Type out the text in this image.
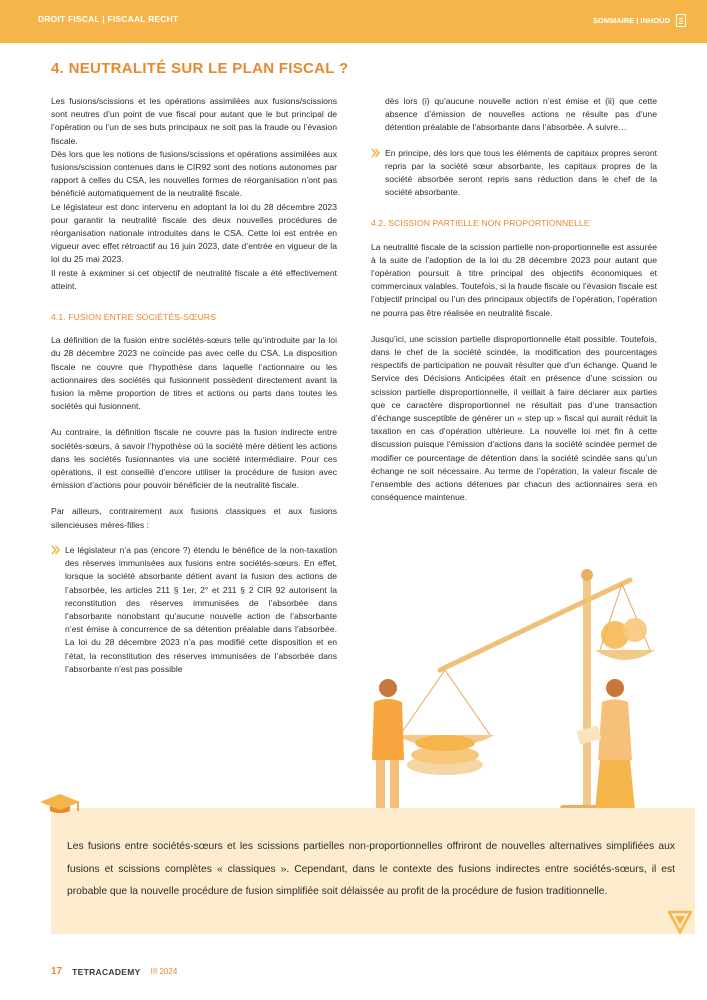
DROIT FISCAL | FISCAAL RECHT	SOMMAIRE | INHOUD
4. NEUTRALITÉ SUR LE PLAN FISCAL ?

Les fusions/scissions et les opérations assimilées aux fusions/scissions sont neutres d’un point de vue fiscal pour autant que le but principal de l’opération ou l’un de ses buts principaux ne soit pas la fraude ou l’évasion fiscale.

Dès lors que les notions de fusions/scissions et opérations assimilées aux fusions/scission contenues dans le CIR92 sont des notions autonomes par rapport à celles du CSA, les nouvelles formes de réorganisation n’ont pas bénéficié automatiquement de la neutralité fiscale.

Le législateur est donc intervenu en adoptant la loi du 28 décembre 2023 pour garantir la neutralité fiscale des deux nouvelles procédures de réorganisation nationale introduites dans le CSA. Cette loi est entrée en vigueur avec effet rétroactif au 16 juin 2023, date d’entrée en vigueur de la loi du 25 mai 2023.

Il reste à examiner si cet objectif de neutralité fiscale a été effectivement atteint.

4.1. FUSION ENTRE SOCIÉTÉS-SŒURS

La définition de la fusion entre sociétés-sœurs telle qu’introduite par la loi du 28 décembre 2023 ne coïncide pas avec celle du CSA. La disposition fiscale ne couvre que l’hypothèse dans laquelle l’actionnaire ou les actionnaires des sociétés qui fusionnent possèdent directement avant la fusion la même proportion de titres et actions ou parts dans toutes les sociétés qui fusionnent.

Au contraire, la définition fiscale ne couvre pas la fusion indirecte entre sociétés-sœurs, à savoir l’hypothèse où la société mère détient les actions dans les sociétés fusionnantes via une société intermédiaire. Pour ces opérations, il est conseillé d’encore utiliser la procédure de fusion avec émission d’actions pour pouvoir bénéficier de la neutralité fiscale.

Par ailleurs, contrairement aux fusions classiques et aux fusions silencieuses mères-filles :

Le législateur n’a pas (encore ?) étendu le bénéfice de la non-taxation des réserves immunisées aux fusions entre sociétés-sœurs. En effet, lorsque la société absorbante détient avant la fusion des actions de l’absorbée, les articles 211 § 1er, 2° et 211 § 2 CIR 92 autorisent la reconstitution des réserves immunisées de l’absorbée dans l’absorbante nonobstant qu’aucune nouvelle action de l’absorbante n’est émise à concurrence de sa détention préalable dans l’absorbée. La loi du 28 décembre 2023 n’a pas modifié cette disposition et en l’état, la reconstitution des réserves immunisées de l’absorbée dans l’absorbante n’est pas possible

dès lors (i) qu’aucune nouvelle action n’est émise et (ii) que cette absence d’émission de nouvelles actions ne résulte pas d’une détention préalable de l’absorbante dans l’absorbée. À suivre…

En principe, dès lors que tous les éléments de capitaux propres seront repris par la société sœur absorbante, les capitaux propres de la société absorbée seront repris sans réduction dans le chef de la société absorbante.
4.2. SCISSION PARTIELLE NON PROPORTIONNELLE

La neutralité fiscale de la scission partielle non-proportionnelle est assurée à la suite de l’adoption de la loi du 28 décembre 2023 pour autant que l’opération poursuit à titre principal des objectifs économiques et commerciaux valables. Toutefois, si la fraude fiscale ou l’évasion fiscale est l’objectif principal ou l’un des principaux objectifs de l’opération, l’opération ne pourra pas être réalisée en neutralité fiscale.

Jusqu’ici, une scission partielle disproportionnelle était possible. Toutefois, dans le chef de la société scindée, la modification des pourcentages respectifs de participation ne pouvait résulter que d’un échange. Quand le Service des Décisions Anticipées était en présence d’une scission ou scission partielle disproportionnelle, il veillait à faire déclarer aux parties que ce caractère disproportionnel ne résultait pas d’une transaction d’échange susceptible de générer un « step up » fiscal qui aurait réduit la taxation en cas d’opération ultérieure. La nouvelle loi met fin à cette discussion puisque l’émission d’actions dans la société scindée permet de modifier ce pourcentage de détention dans la société scindée sans qu’un échange ne soit nécessaire. Au terme de l’opération, la valeur fiscale de l’ensemble des actions détenues par chacun des actionnaires sera en conséquence maintenue.

EN CONCLUSION
Les fusions entre sociétés-sœurs et les scissions partielles non-proportionnelles offriront de nouvelles alternatives simplifiées aux fusions et scissions complètes « classiques ». Cependant, dans le contexte des fusions indirectes entre sociétés-sœurs, il est probable que la nouvelle procédure de fusion simplifiée soit délaissée au profit de la procédure de fusion traditionnelle.
17 TETRACADEMY III 2024
